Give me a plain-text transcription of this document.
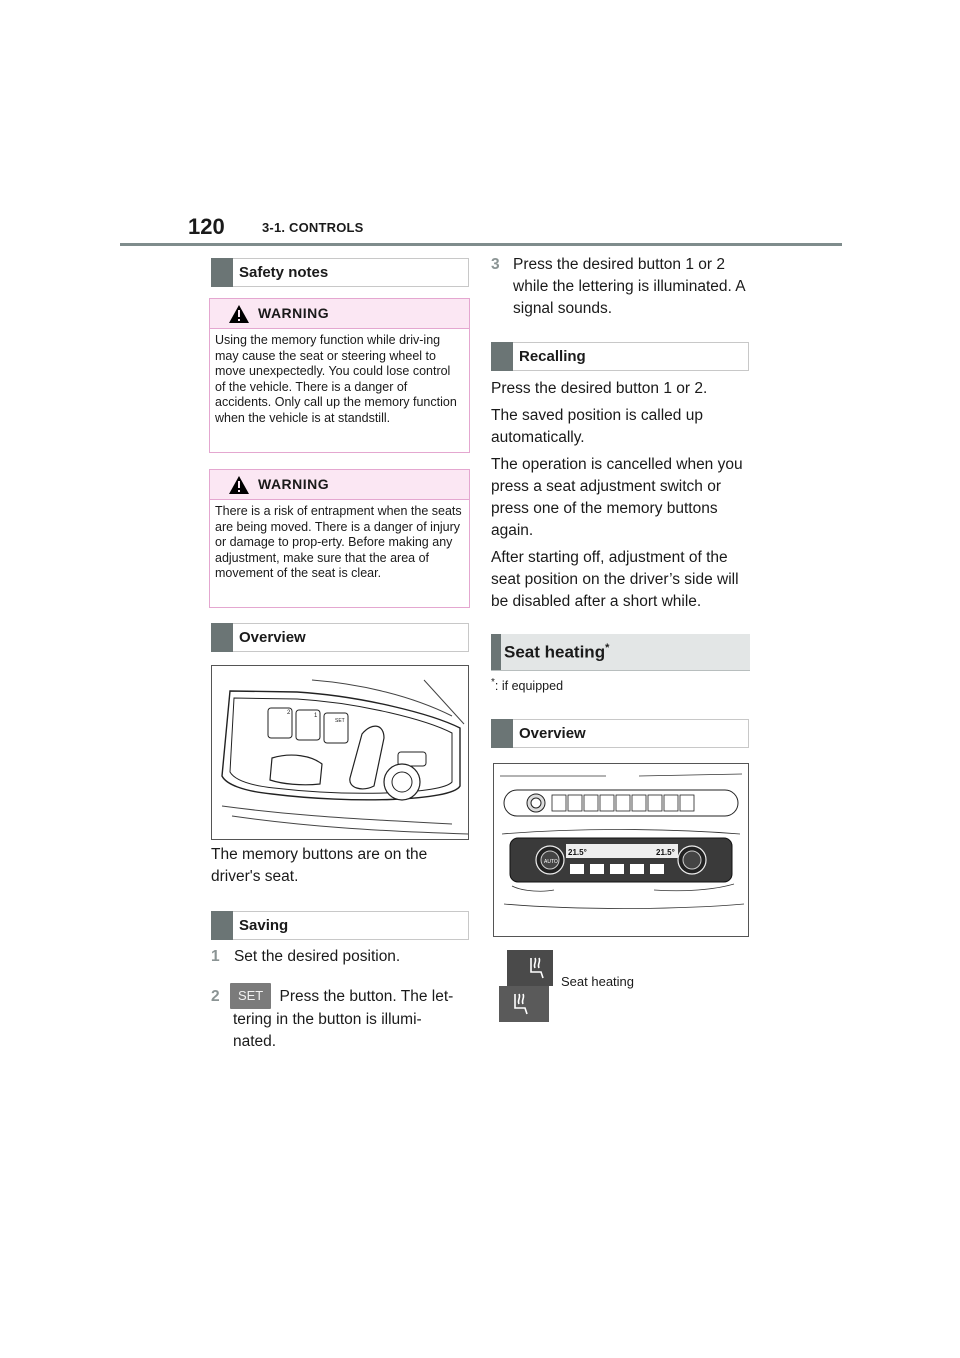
120	3-1. CONTROLS
Safety notes
WARNING
Using the memory function while driv-ing may cause the seat or steering wheel to move unexpectedly. You could lose control of the vehicle. There is a danger of accidents. Only call up the memory function when the vehicle is at standstill.
WARNING
There is a risk of entrapment when the seats are being moved. There is a danger of injury or damage to prop-erty. Before making any adjustment, make sure that the area of movement of the seat is clear.
Overview
2	1
SET
The memory buttons are on the driver's seat.
Saving
1 Set the desired position.
2 SET Press the button. The let-
tering in the button is illumi-
nated.
3 Press the desired button 1 or 2 while the lettering is illuminated. A signal sounds.
Recalling
Press the desired button 1 or 2.
The saved position is called up automatically.
The operation is cancelled when you press a seat adjustment switch or press one of the memory buttons again.
After starting off, adjustment of the seat position on the driver’s side will be disabled after a short while.
Seat heating*
*: if equipped
Overview
21.5°	21.5°
AUTO
Seat heating
